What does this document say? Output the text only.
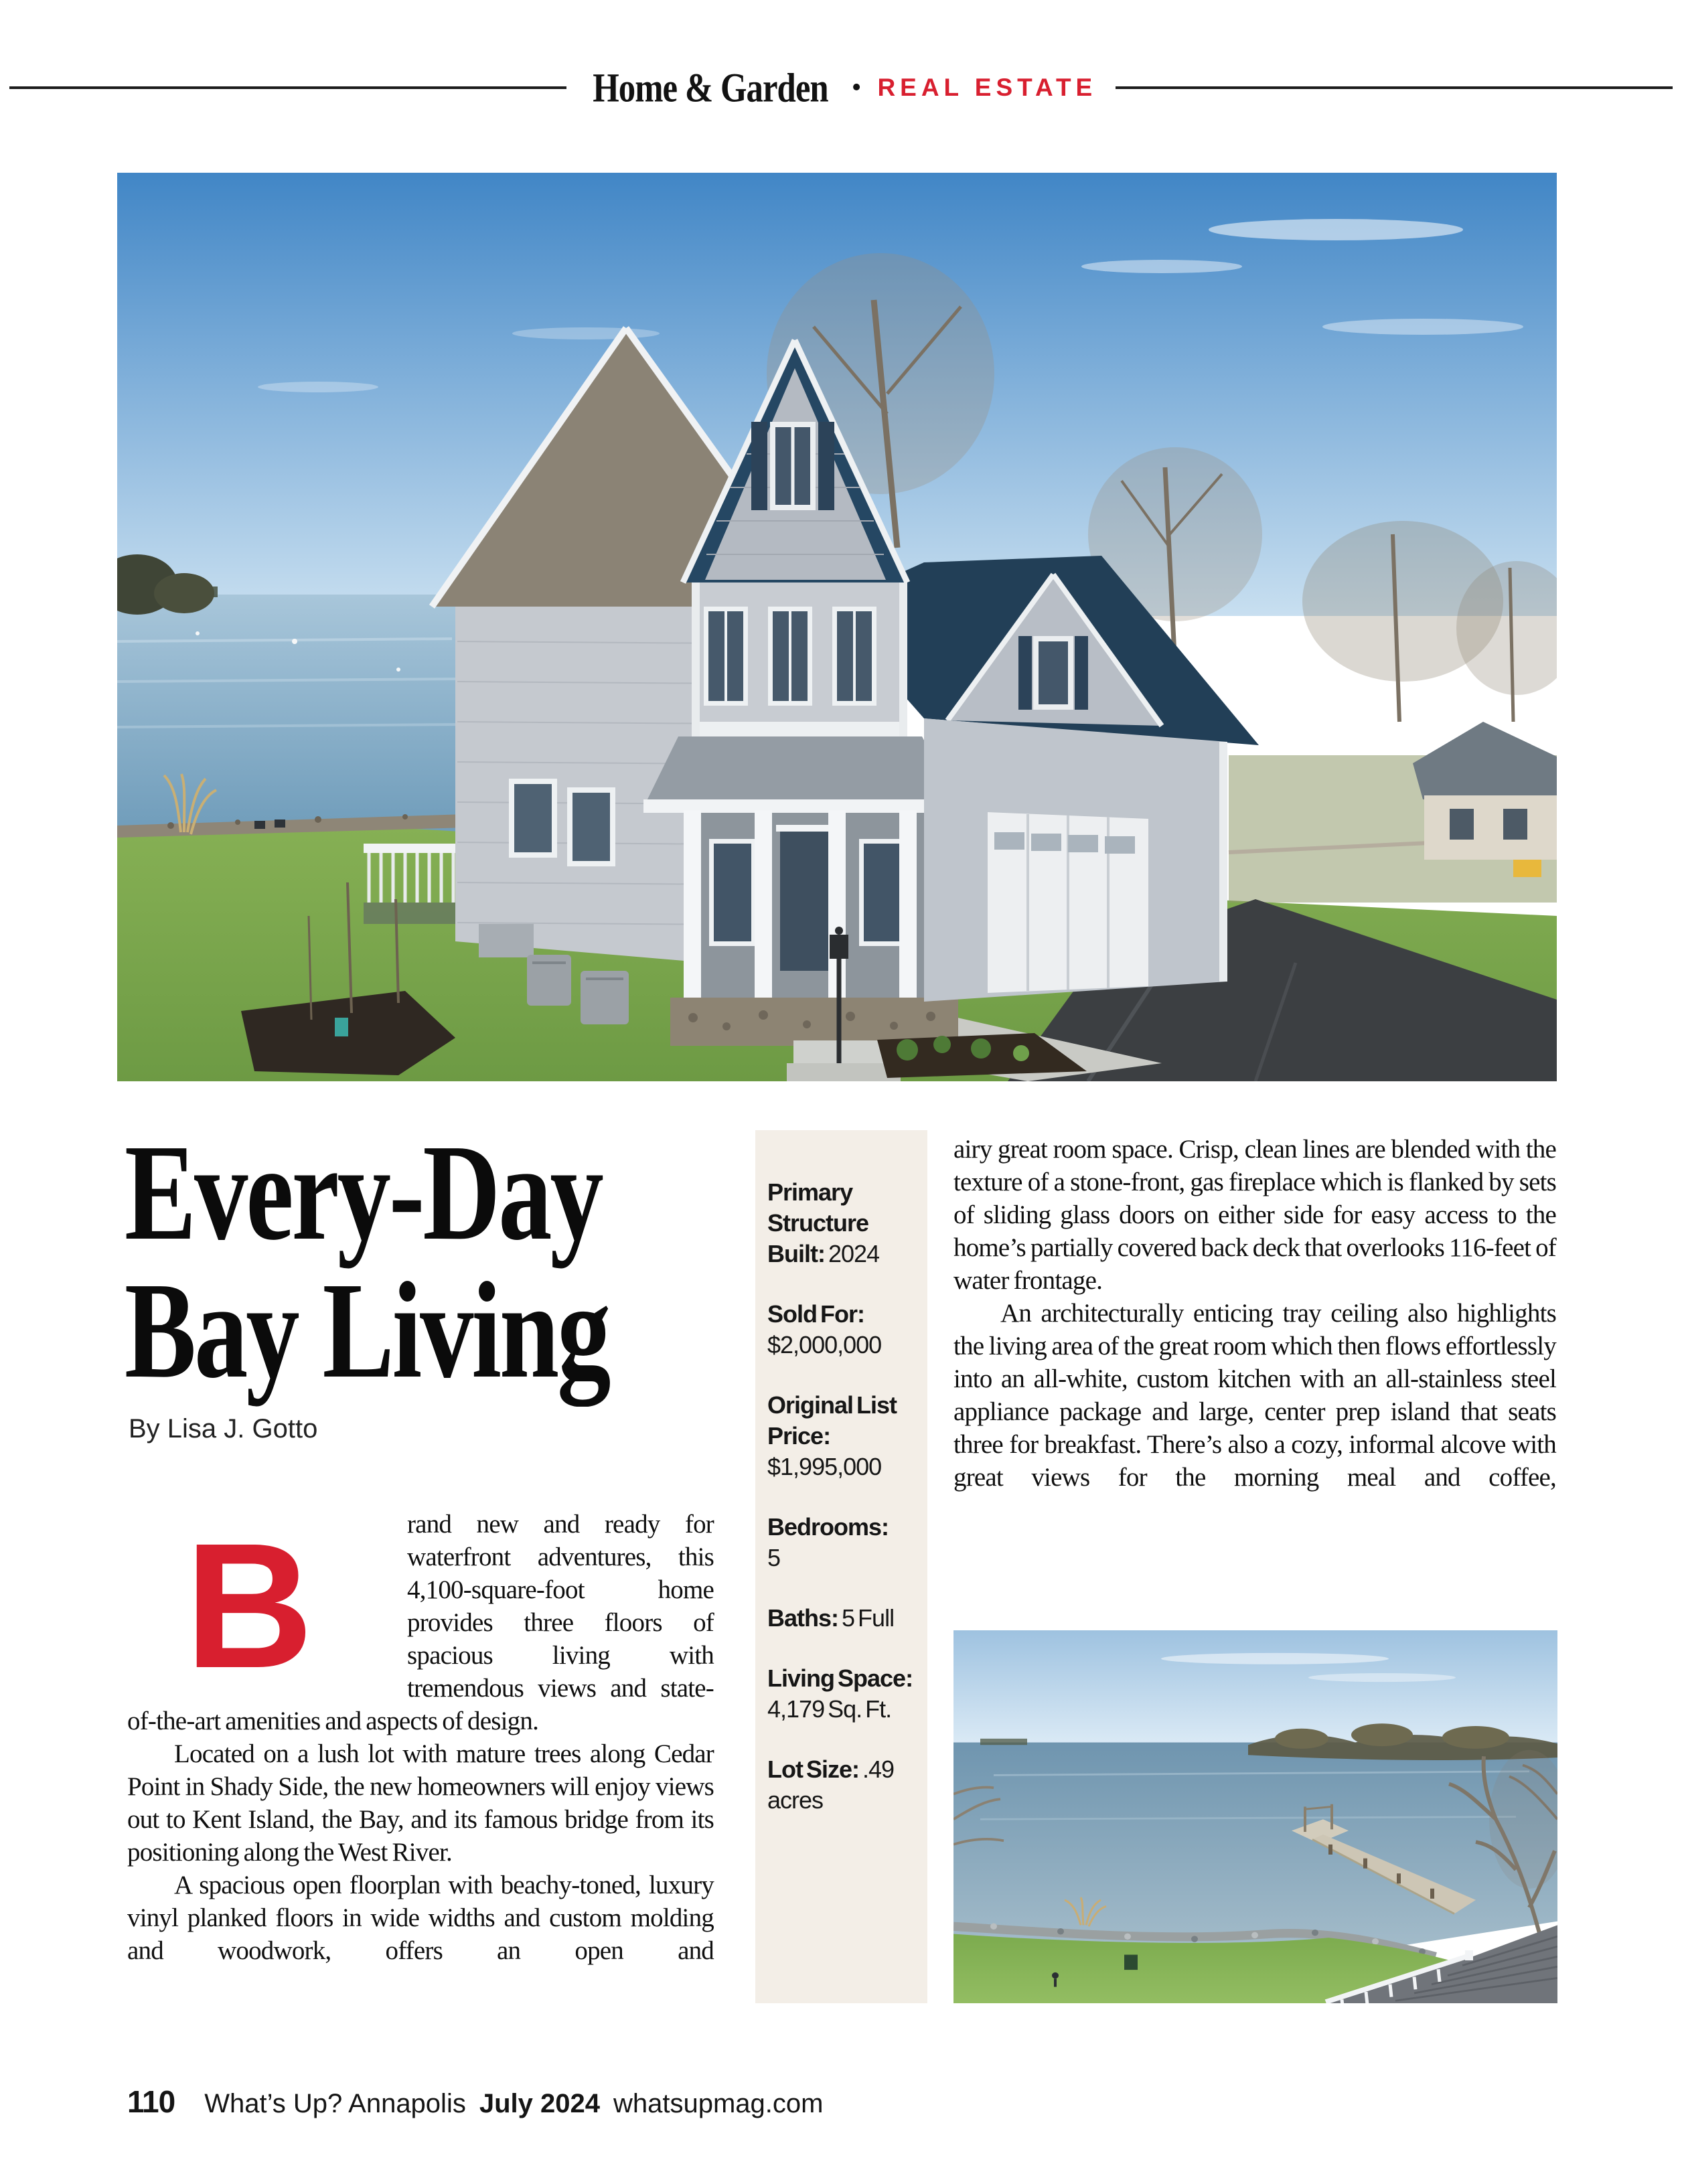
Home & Garden • REAL ESTATE
Every-Day
Bay Living
By Lisa J. Gotto

B	rand new and ready for waterfront adventures, this 4,100-square-foot home provides three floors of spacious living with tremendous views and state-of-the-art amenities and aspects of design.

Located on a lush lot with mature trees along Cedar Point in Shady Side, the new homeowners will enjoy views out to Kent Island, the Bay, and its famous bridge from its positioning along the West River.

A spacious open floorplan with beachy-toned, luxury vinyl planked floors in wide widths and custom molding and woodwork, offers an open and

Primary Structure Built: 2024
Sold For:
$2,000,000
Original List Price:
$1,995,000
Bedrooms:
5
Baths: 5 Full
Living Space: 4,179 Sq. Ft.
Lot Size: .49 acres

airy great room space. Crisp, clean lines are blended with the texture of a stone-front, gas fireplace which is flanked by sets of sliding glass doors on either side for easy access to the home’s partially covered back deck that overlooks 116-feet of water frontage.

An architecturally enticing tray ceiling also highlights the living area of the great room which then flows effortlessly into an all-white, custom kitchen with an all-stainless steel appliance package and large, center prep island that seats three for breakfast. There’s also a cozy, informal alcove with great views for the morning meal and coffee,

110 What’s Up? Annapolis July 2024 whatsupmag.com
